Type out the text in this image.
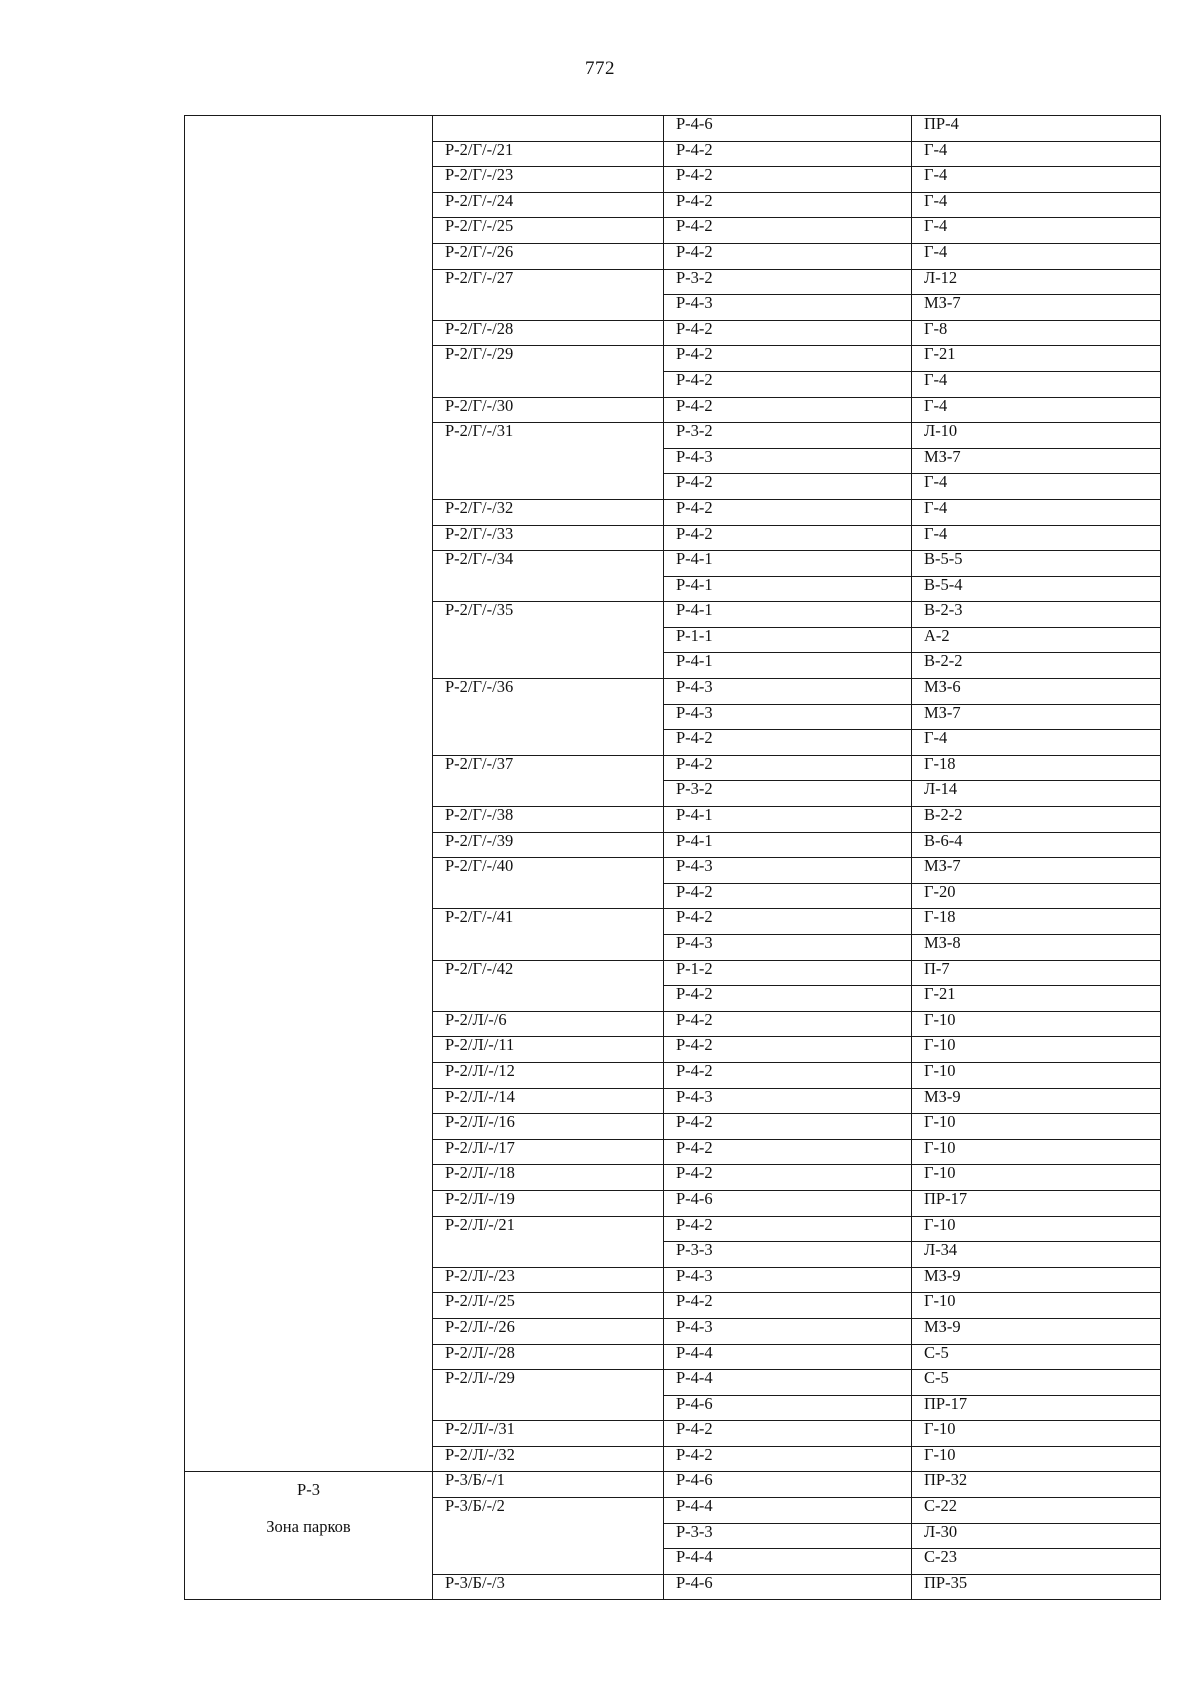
772
		Р-4-6	ПР-4
	Р-2/Г/-/21	Р-4-2	Г-4
	Р-2/Г/-/23	Р-4-2	Г-4
	Р-2/Г/-/24	Р-4-2	Г-4
	Р-2/Г/-/25	Р-4-2	Г-4
	Р-2/Г/-/26	Р-4-2	Г-4
	Р-2/Г/-/27	Р-3-2	Л-12
		Р-4-3	МЗ-7
	Р-2/Г/-/28	Р-4-2	Г-8
	Р-2/Г/-/29	Р-4-2	Г-21
		Р-4-2	Г-4
	Р-2/Г/-/30	Р-4-2	Г-4
	Р-2/Г/-/31	Р-3-2	Л-10
		Р-4-3	МЗ-7
		Р-4-2	Г-4
	Р-2/Г/-/32	Р-4-2	Г-4
	Р-2/Г/-/33	Р-4-2	Г-4
	Р-2/Г/-/34	Р-4-1	В-5-5
		Р-4-1	В-5-4
	Р-2/Г/-/35	Р-4-1	В-2-3
		Р-1-1	А-2
		Р-4-1	В-2-2
	Р-2/Г/-/36	Р-4-3	МЗ-6
		Р-4-3	МЗ-7
		Р-4-2	Г-4
	Р-2/Г/-/37	Р-4-2	Г-18
		Р-3-2	Л-14
	Р-2/Г/-/38	Р-4-1	В-2-2
	Р-2/Г/-/39	Р-4-1	В-6-4
	Р-2/Г/-/40	Р-4-3	МЗ-7
		Р-4-2	Г-20
	Р-2/Г/-/41	Р-4-2	Г-18
		Р-4-3	МЗ-8
	Р-2/Г/-/42	Р-1-2	П-7
		Р-4-2	Г-21
	Р-2/Л/-/6	Р-4-2	Г-10
	Р-2/Л/-/11	Р-4-2	Г-10
	Р-2/Л/-/12	Р-4-2	Г-10
	Р-2/Л/-/14	Р-4-3	МЗ-9
	Р-2/Л/-/16	Р-4-2	Г-10
	Р-2/Л/-/17	Р-4-2	Г-10
	Р-2/Л/-/18	Р-4-2	Г-10
	Р-2/Л/-/19	Р-4-6	ПР-17
	Р-2/Л/-/21	Р-4-2	Г-10
		Р-3-3	Л-34
	Р-2/Л/-/23	Р-4-3	МЗ-9
	Р-2/Л/-/25	Р-4-2	Г-10
	Р-2/Л/-/26	Р-4-3	МЗ-9
	Р-2/Л/-/28	Р-4-4	С-5
	Р-2/Л/-/29	Р-4-4	С-5
		Р-4-6	ПР-17
	Р-2/Л/-/31	Р-4-2	Г-10
	Р-2/Л/-/32	Р-4-2	Г-10

Р-3
Зона парков	Р-3/Б/-/1	Р-4-6	ПР-32
	Р-3/Б/-/2	Р-4-4	С-22
		Р-3-3	Л-30
		Р-4-4	С-23
	Р-3/Б/-/3	Р-4-6	ПР-35
